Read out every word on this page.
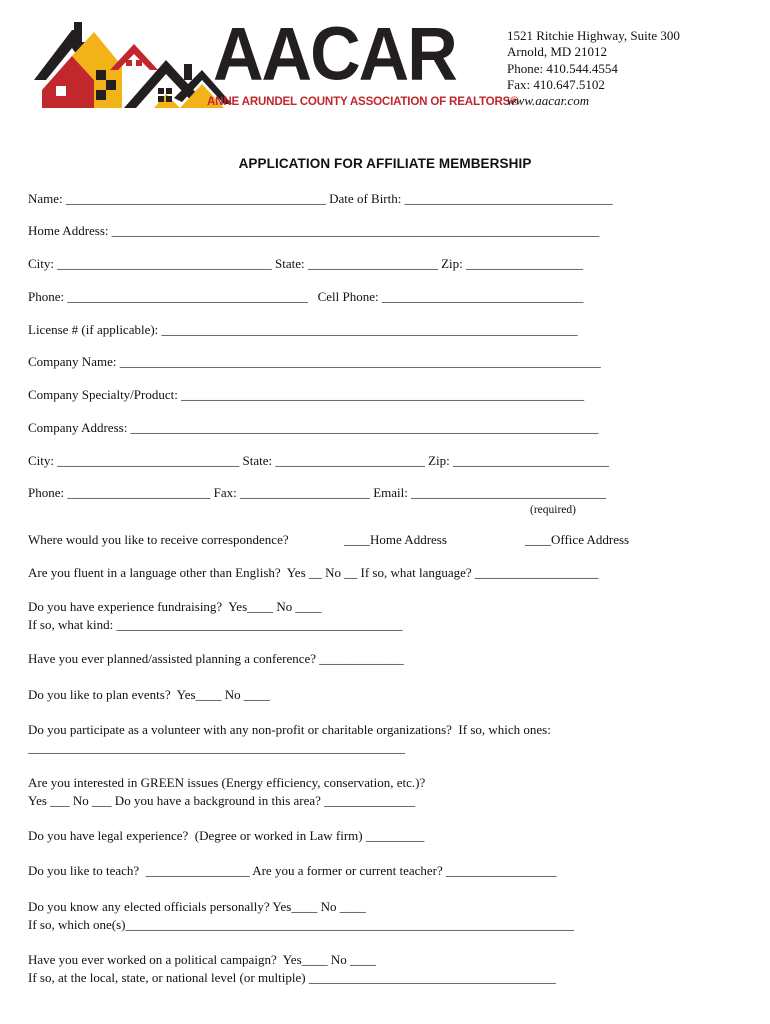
AACAR
ANNE ARUNDEL COUNTY ASSOCIATION OF REALTORS®
1521 Ritchie Highway, Suite 300
Arnold, MD 21012
Phone: 410.544.4554
Fax: 410.647.5102
www.aacar.com
APPLICATION FOR AFFILIATE MEMBERSHIP
Name: ________________________________________ Date of Birth: ________________________________
Home Address: ___________________________________________________________________________
City: _________________________________ State: ____________________ Zip: __________________
Phone: _____________________________________   Cell Phone: _______________________________
License # (if applicable): ________________________________________________________________
Company Name: __________________________________________________________________________
Company Specialty/Product: ______________________________________________________________
Company Address: ________________________________________________________________________
City: ____________________________ State: _______________________ Zip: ________________________
Phone: ______________________ Fax: ____________________ Email: ______________________________
(required)
Where would you like to receive correspondence?	____Home Address	____Office Address
Are you fluent in a language other than English?  Yes __ No __ If so, what language? ___________________
Do you have experience fundraising?  Yes____ No ____
If so, what kind: ____________________________________________
Have you ever planned/assisted planning a conference? _____________
Do you like to plan events?  Yes____ No ____
Do you participate as a volunteer with any non-profit or charitable organizations?  If so, which ones:
__________________________________________________________
Are you interested in GREEN issues (Energy efficiency, conservation, etc.)?
Yes ___ No ___ Do you have a background in this area? ______________
Do you have legal experience?  (Degree or worked in Law firm) _________
Do you like to teach?  ________________ Are you a former or current teacher? _________________
Do you know any elected officials personally? Yes____ No ____
If so, which one(s)_____________________________________________________________________
Have you ever worked on a political campaign?  Yes____ No ____
If so, at the local, state, or national level (or multiple) ______________________________________
